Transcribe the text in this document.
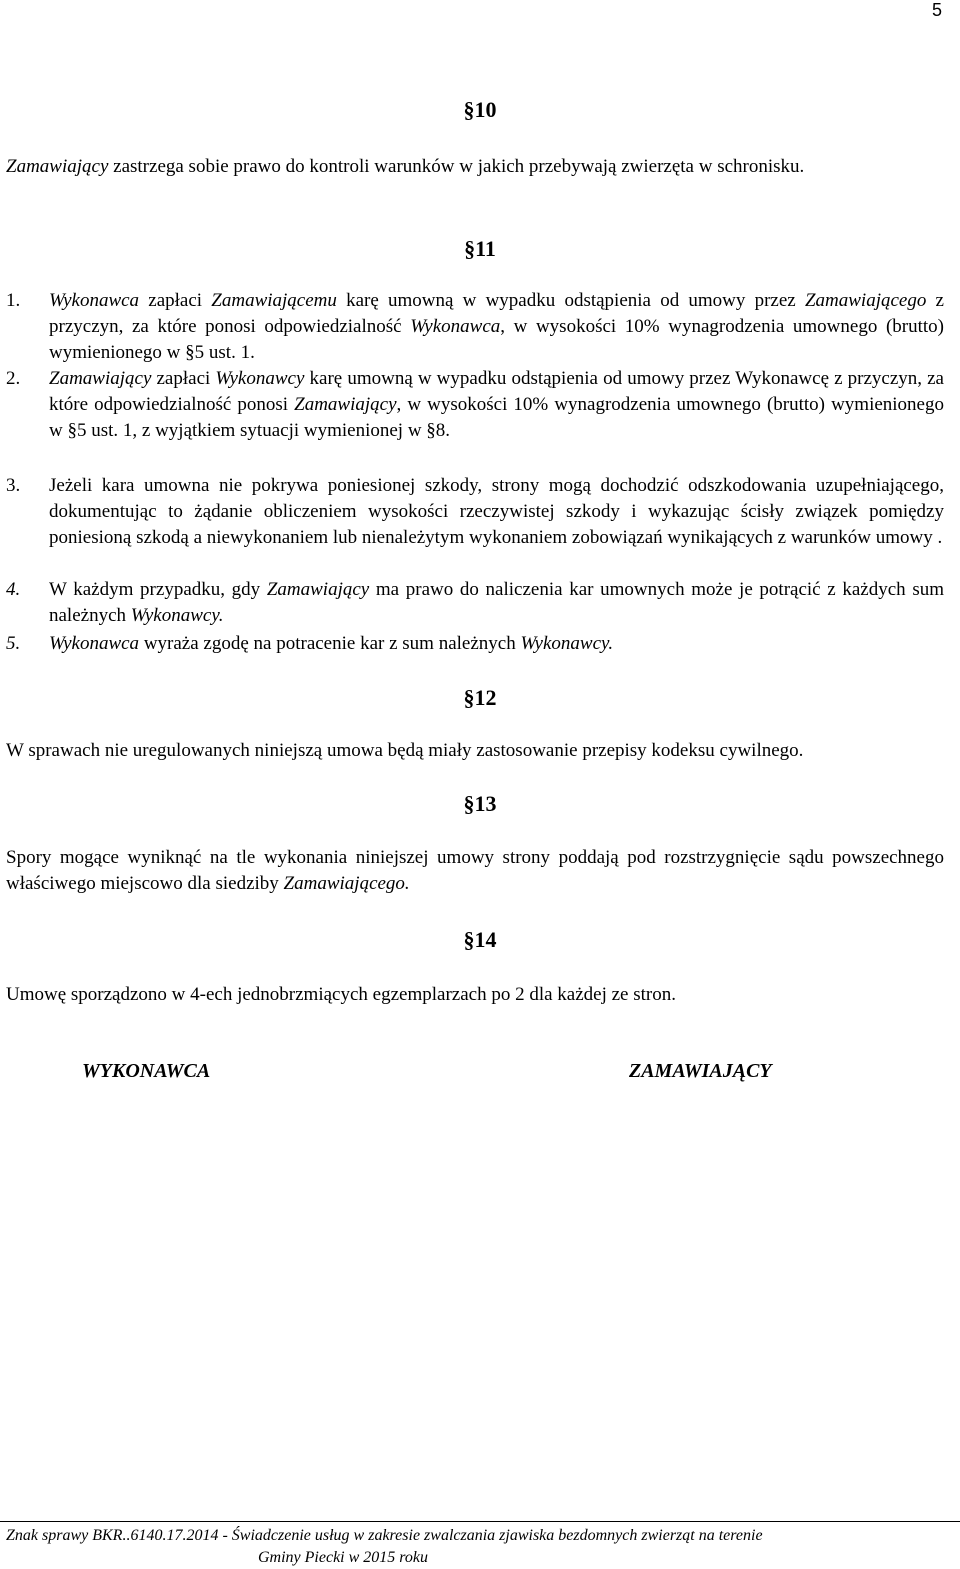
5
§10
Zamawiający zastrzega sobie prawo do kontroli warunków w jakich przebywają zwierzęta w schronisku.
§11
1. Wykonawca zapłaci Zamawiającemu karę umowną w wypadku odstąpienia od umowy przez Zamawiającego z przyczyn, za które ponosi odpowiedzialność Wykonawca, w wysokości 10% wynagrodzenia umownego (brutto) wymienionego w §5 ust. 1.
2. Zamawiający zapłaci Wykonawcy karę umowną w wypadku odstąpienia od umowy przez Wykonawcę z przyczyn, za które odpowiedzialność ponosi Zamawiający, w wysokości 10% wynagrodzenia umownego (brutto) wymienionego w §5 ust. 1, z wyjątkiem sytuacji wymienionej w §8.
3. Jeżeli kara umowna nie pokrywa poniesionej szkody, strony mogą dochodzić odszkodowania uzupełniającego, dokumentując to żądanie obliczeniem wysokości rzeczywistej szkody i wykazując ścisły związek pomiędzy poniesioną szkodą a niewykonaniem lub nienależytym wykonaniem zobowiązań wynikających z warunków umowy .
4. W każdym przypadku, gdy Zamawiający ma prawo do naliczenia kar umownych może je potrącić z każdych sum należnych Wykonawcy.
5. Wykonawca wyraża zgodę na potracenie kar z sum należnych Wykonawcy.
§12
W sprawach nie uregulowanych niniejszą umowa będą miały zastosowanie przepisy kodeksu cywilnego.
§13
Spory mogące wyniknąć na tle wykonania niniejszej umowy strony poddają pod rozstrzygnięcie sądu powszechnego właściwego miejscowo dla siedziby Zamawiającego.
§14
Umowę sporządzono w 4-ech jednobrzmiących egzemplarzach po 2 dla każdej ze stron.
WYKONAWCA	ZAMAWIAJĄCY
Znak sprawy BKR..6140.17.2014 - Świadczenie usług w zakresie zwalczania zjawiska bezdomnych zwierząt na terenie
Gminy Piecki w 2015 roku
